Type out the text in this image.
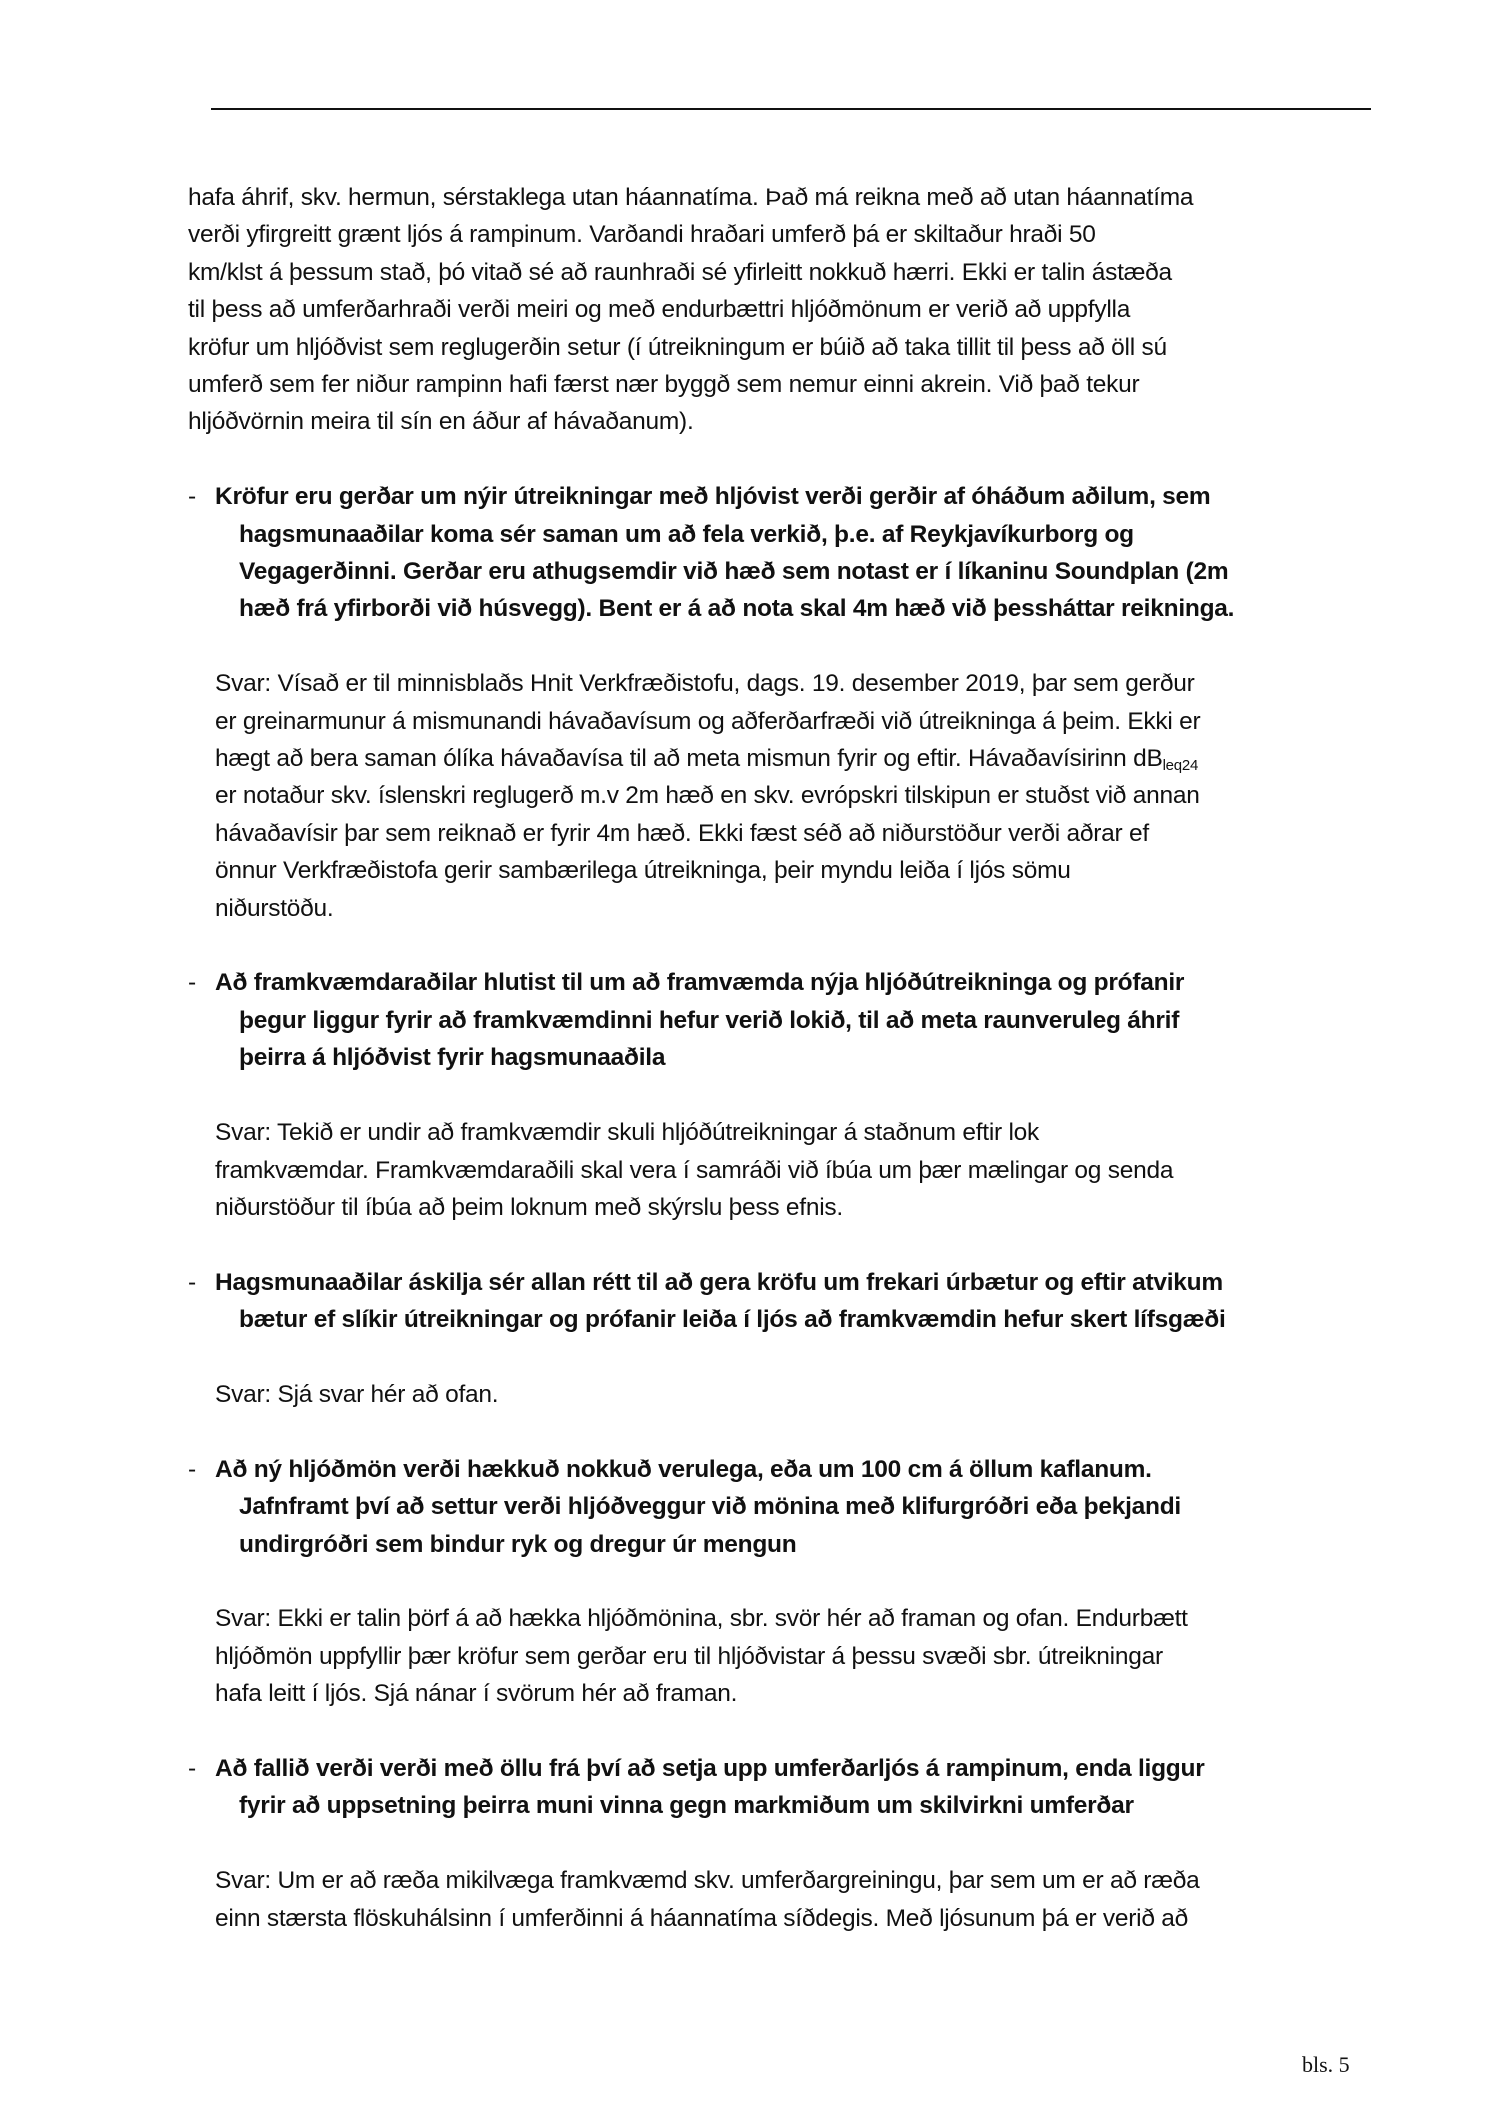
hafa áhrif, skv. hermun, sérstaklega utan háannatíma. Það má reikna með að utan háannatíma
verði yfirgreitt grænt ljós á rampinum. Varðandi hraðari umferð þá er skiltaður hraði 50
km/klst á þessum stað, þó vitað sé að raunhraði sé yfirleitt nokkuð hærri. Ekki er talin ástæða
til þess að umferðarhraði verði meiri og með endurbættri hljóðmönum er verið að uppfylla
kröfur um hljóðvist sem reglugerðin setur (í útreikningum er búið að taka tillit til þess að öll sú
umferð sem fer niður rampinn hafi færst nær byggð sem nemur einni akrein. Við það tekur
hljóðvörnin meira til sín en áður af hávaðanum).
- Kröfur eru gerðar um nýir útreikningar með hljóvist verði gerðir af óháðum aðilum, sem
hagsmunaaðilar koma sér saman um að fela verkið, þ.e. af Reykjavíkurborg og
Vegagerðinni. Gerðar eru athugsemdir við hæð sem notast er í líkaninu Soundplan (2m
hæð frá yfirborði við húsvegg). Bent er á að nota skal 4m hæð við þessháttar reikninga.
Svar: Vísað er til minnisblaðs Hnit Verkfræðistofu, dags. 19. desember 2019, þar sem gerður
er greinarmunur á mismunandi hávaðavísum og aðferðarfræði við útreikninga á þeim. Ekki er
hægt að bera saman ólíka hávaðavísa til að meta mismun fyrir og eftir. Hávaðavísirinn $dB_{leq24}$
er notaður skv. íslenskri reglugerð m.v 2m hæð en skv. evrópskri tilskipun er stuðst við annan
hávaðavísir þar sem reiknað er fyrir 4m hæð. Ekki fæst séð að niðurstöður verði aðrar ef
önnur Verkfræðistofa gerir sambærilega útreikninga, þeir myndu leiða í ljós sömu
niðurstöðu.
- Að framkvæmdaraðilar hlutist til um að framvæmda nýja hljóðútreikninga og prófanir
þegur liggur fyrir að framkvæmdinni hefur verið lokið, til að meta raunveruleg áhrif
þeirra á hljóðvist fyrir hagsmunaaðila
Svar: Tekið er undir að framkvæmdir skuli hljóðútreikningar á staðnum eftir lok
framkvæmdar. Framkvæmdaraðili skal vera í samráði við íbúa um þær mælingar og senda
niðurstöður til íbúa að þeim loknum með skýrslu þess efnis.
- Hagsmunaaðilar áskilja sér allan rétt til að gera kröfu um frekari úrbætur og eftir atvikum
bætur ef slíkir útreikningar og prófanir leiða í ljós að framkvæmdin hefur skert lífsgæði
Svar: Sjá svar hér að ofan.
- Að ný hljóðmön verði hækkuð nokkuð verulega, eða um 100 cm á öllum kaflanum.
Jafnframt því að settur verði hljóðveggur við mönina með klifurgróðri eða þekjandi
undirgróðri sem bindur ryk og dregur úr mengun
Svar: Ekki er talin þörf á að hækka hljóðmönina, sbr. svör hér að framan og ofan. Endurbætt
hljóðmön uppfyllir þær kröfur sem gerðar eru til hljóðvistar á þessu svæði sbr. útreikningar
hafa leitt í ljós. Sjá nánar í svörum hér að framan.
- Að fallið verði verði með öllu frá því að setja upp umferðarljós á rampinum, enda liggur
fyrir að uppsetning þeirra muni vinna gegn markmiðum um skilvirkni umferðar
Svar: Um er að ræða mikilvæga framkvæmd skv. umferðargreiningu, þar sem um er að ræða
einn stærsta flöskuhálsinn í umferðinni á háannatíma síðdegis. Með ljósunum þá er verið að
bls. 5
